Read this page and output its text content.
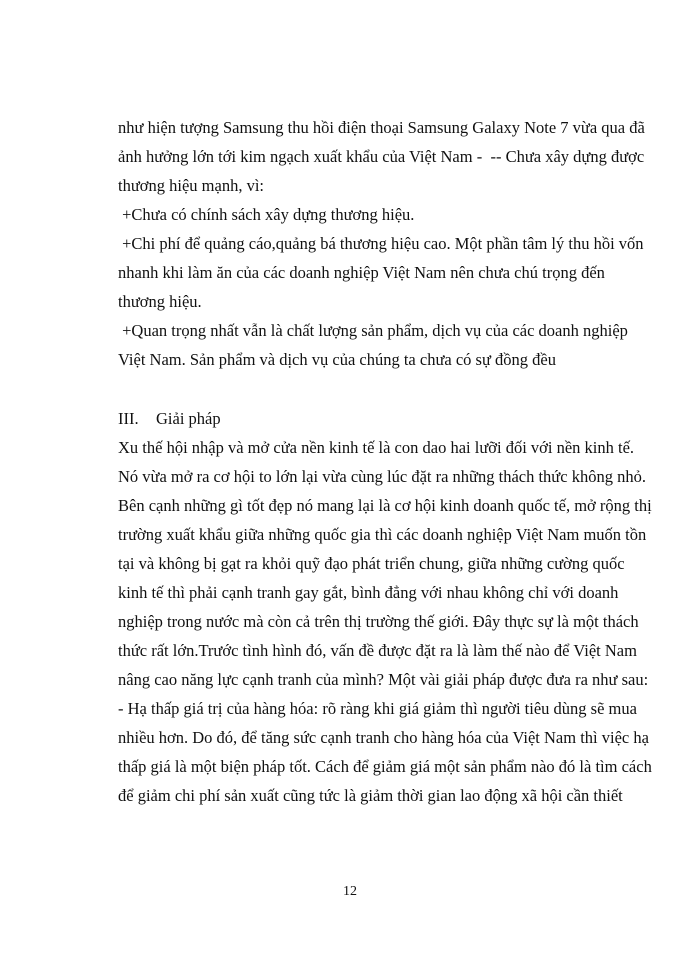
như hiện tượng Samsung thu hồi điện thoại Samsung Galaxy Note 7 vừa qua đã
ảnh hưởng lớn tới kim ngạch xuất khẩu của Việt Nam -  -- Chưa xây dựng được
thương hiệu mạnh, vì:
+Chưa có chính sách xây dựng thương hiệu.
+Chi phí để quảng cáo,quảng bá thương hiệu cao. Một phần tâm lý thu hồi vốn
nhanh khi làm ăn của các doanh nghiệp Việt Nam nên chưa chú trọng đến
thương hiệu.
+Quan trọng nhất vẫn là chất lượng sản phẩm, dịch vụ của các doanh nghiệp
Việt Nam. Sản phẩm và dịch vụ của chúng ta chưa có sự đồng đều
III. Giải pháp
Xu thế hội nhập và mở cửa nền kinh tế là con dao hai lưỡi đối với nền kinh tế.
Nó vừa mở ra cơ hội to lớn lại vừa cùng lúc đặt ra những thách thức không nhỏ.
Bên cạnh những gì tốt đẹp nó mang lại là cơ hội kinh doanh quốc tế, mở rộng thị
trường xuất khẩu giữa những quốc gia thì các doanh nghiệp Việt Nam muốn tồn
tại và không bị gạt ra khỏi quỹ đạo phát triển chung, giữa những cường quốc
kinh tế thì phải cạnh tranh gay gắt, bình đẳng với nhau không chỉ với doanh
nghiệp trong nước mà còn cả trên thị trường thế giới. Đây thực sự là một thách
thức rất lớn.Trước tình hình đó, vấn đề được đặt ra là làm thế nào để Việt Nam
nâng cao năng lực cạnh tranh của mình? Một vài giải pháp được đưa ra như sau:
- Hạ thấp giá trị của hàng hóa: rõ ràng khi giá giảm thì người tiêu dùng sẽ mua
nhiều hơn. Do đó, để tăng sức cạnh tranh cho hàng hóa của Việt Nam thì việc hạ
thấp giá là một biện pháp tốt. Cách để giảm giá một sản phẩm nào đó là tìm cách
để giảm chi phí sản xuất cũng tức là giảm thời gian lao động xã hội cần thiết
12
